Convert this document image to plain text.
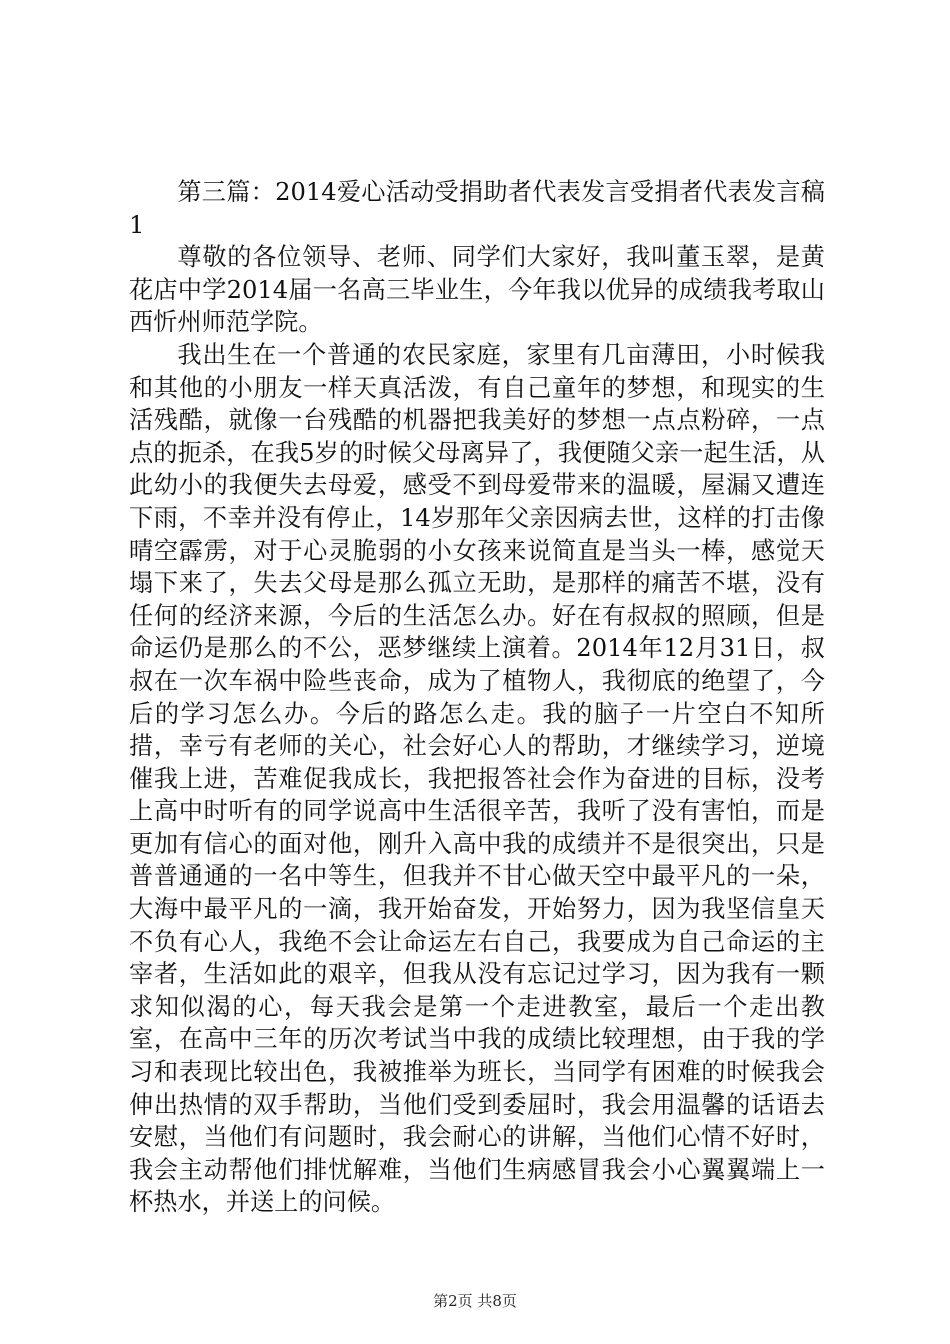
第三篇：2014爱心活动受捐助者代表发言受捐者代表发言稿1

尊敬的各位领导、老师、同学们大家好，我叫董玉翠，是黄花店中学2014届一名高三毕业生，今年我以优异的成绩我考取山西忻州师范学院。

我出生在一个普通的农民家庭，家里有几亩薄田，小时候我和其他的小朋友一样天真活泼，有自己童年的梦想，和现实的生活残酷，就像一台残酷的机器把我美好的梦想一点点粉碎，一点点的扼杀，在我5岁的时候父母离异了，我便随父亲一起生活，从此幼小的我便失去母爱，感受不到母爱带来的温暖，屋漏又遭连下雨，不幸并没有停止，14岁那年父亲因病去世，这样的打击像晴空霹雳，对于心灵脆弱的小女孩来说简直是当头一棒，感觉天塌下来了，失去父母是那么孤立无助，是那样的痛苦不堪，没有任何的经济来源，今后的生活怎么办。好在有叔叔的照顾，但是命运仍是那么的不公，恶梦继续上演着。2014年12月31日，叔叔在一次车祸中险些丧命，成为了植物人，我彻底的绝望了，今后的学习怎么办。今后的路怎么走。我的脑子一片空白不知所措，幸亏有老师的关心，社会好心人的帮助，才继续学习，逆境催我上进，苦难促我成长，我把报答社会作为奋进的目标，没考上高中时听有的同学说高中生活很辛苦，我听了没有害怕，而是更加有信心的面对他，刚升入高中我的成绩并不是很突出，只是普普通通的一名中等生，但我并不甘心做天空中最平凡的一朵，大海中最平凡的一滴，我开始奋发，开始努力，因为我坚信皇天不负有心人，我绝不会让命运左右自己，我要成为自己命运的主宰者，生活如此的艰辛，但我从没有忘记过学习，因为我有一颗求知似渴的心，每天我会是第一个走进教室，最后一个走出教室，在高中三年的历次考试当中我的成绩比较理想，由于我的学习和表现比较出色，我被推举为班长，当同学有困难的时候我会伸出热情的双手帮助，当他们受到委屈时，我会用温馨的话语去安慰，当他们有问题时，我会耐心的讲解，当他们心情不好时，我会主动帮他们排忧解难，当他们生病感冒我会小心翼翼端上一杯热水，并送上的问候。

第2页 共8页
